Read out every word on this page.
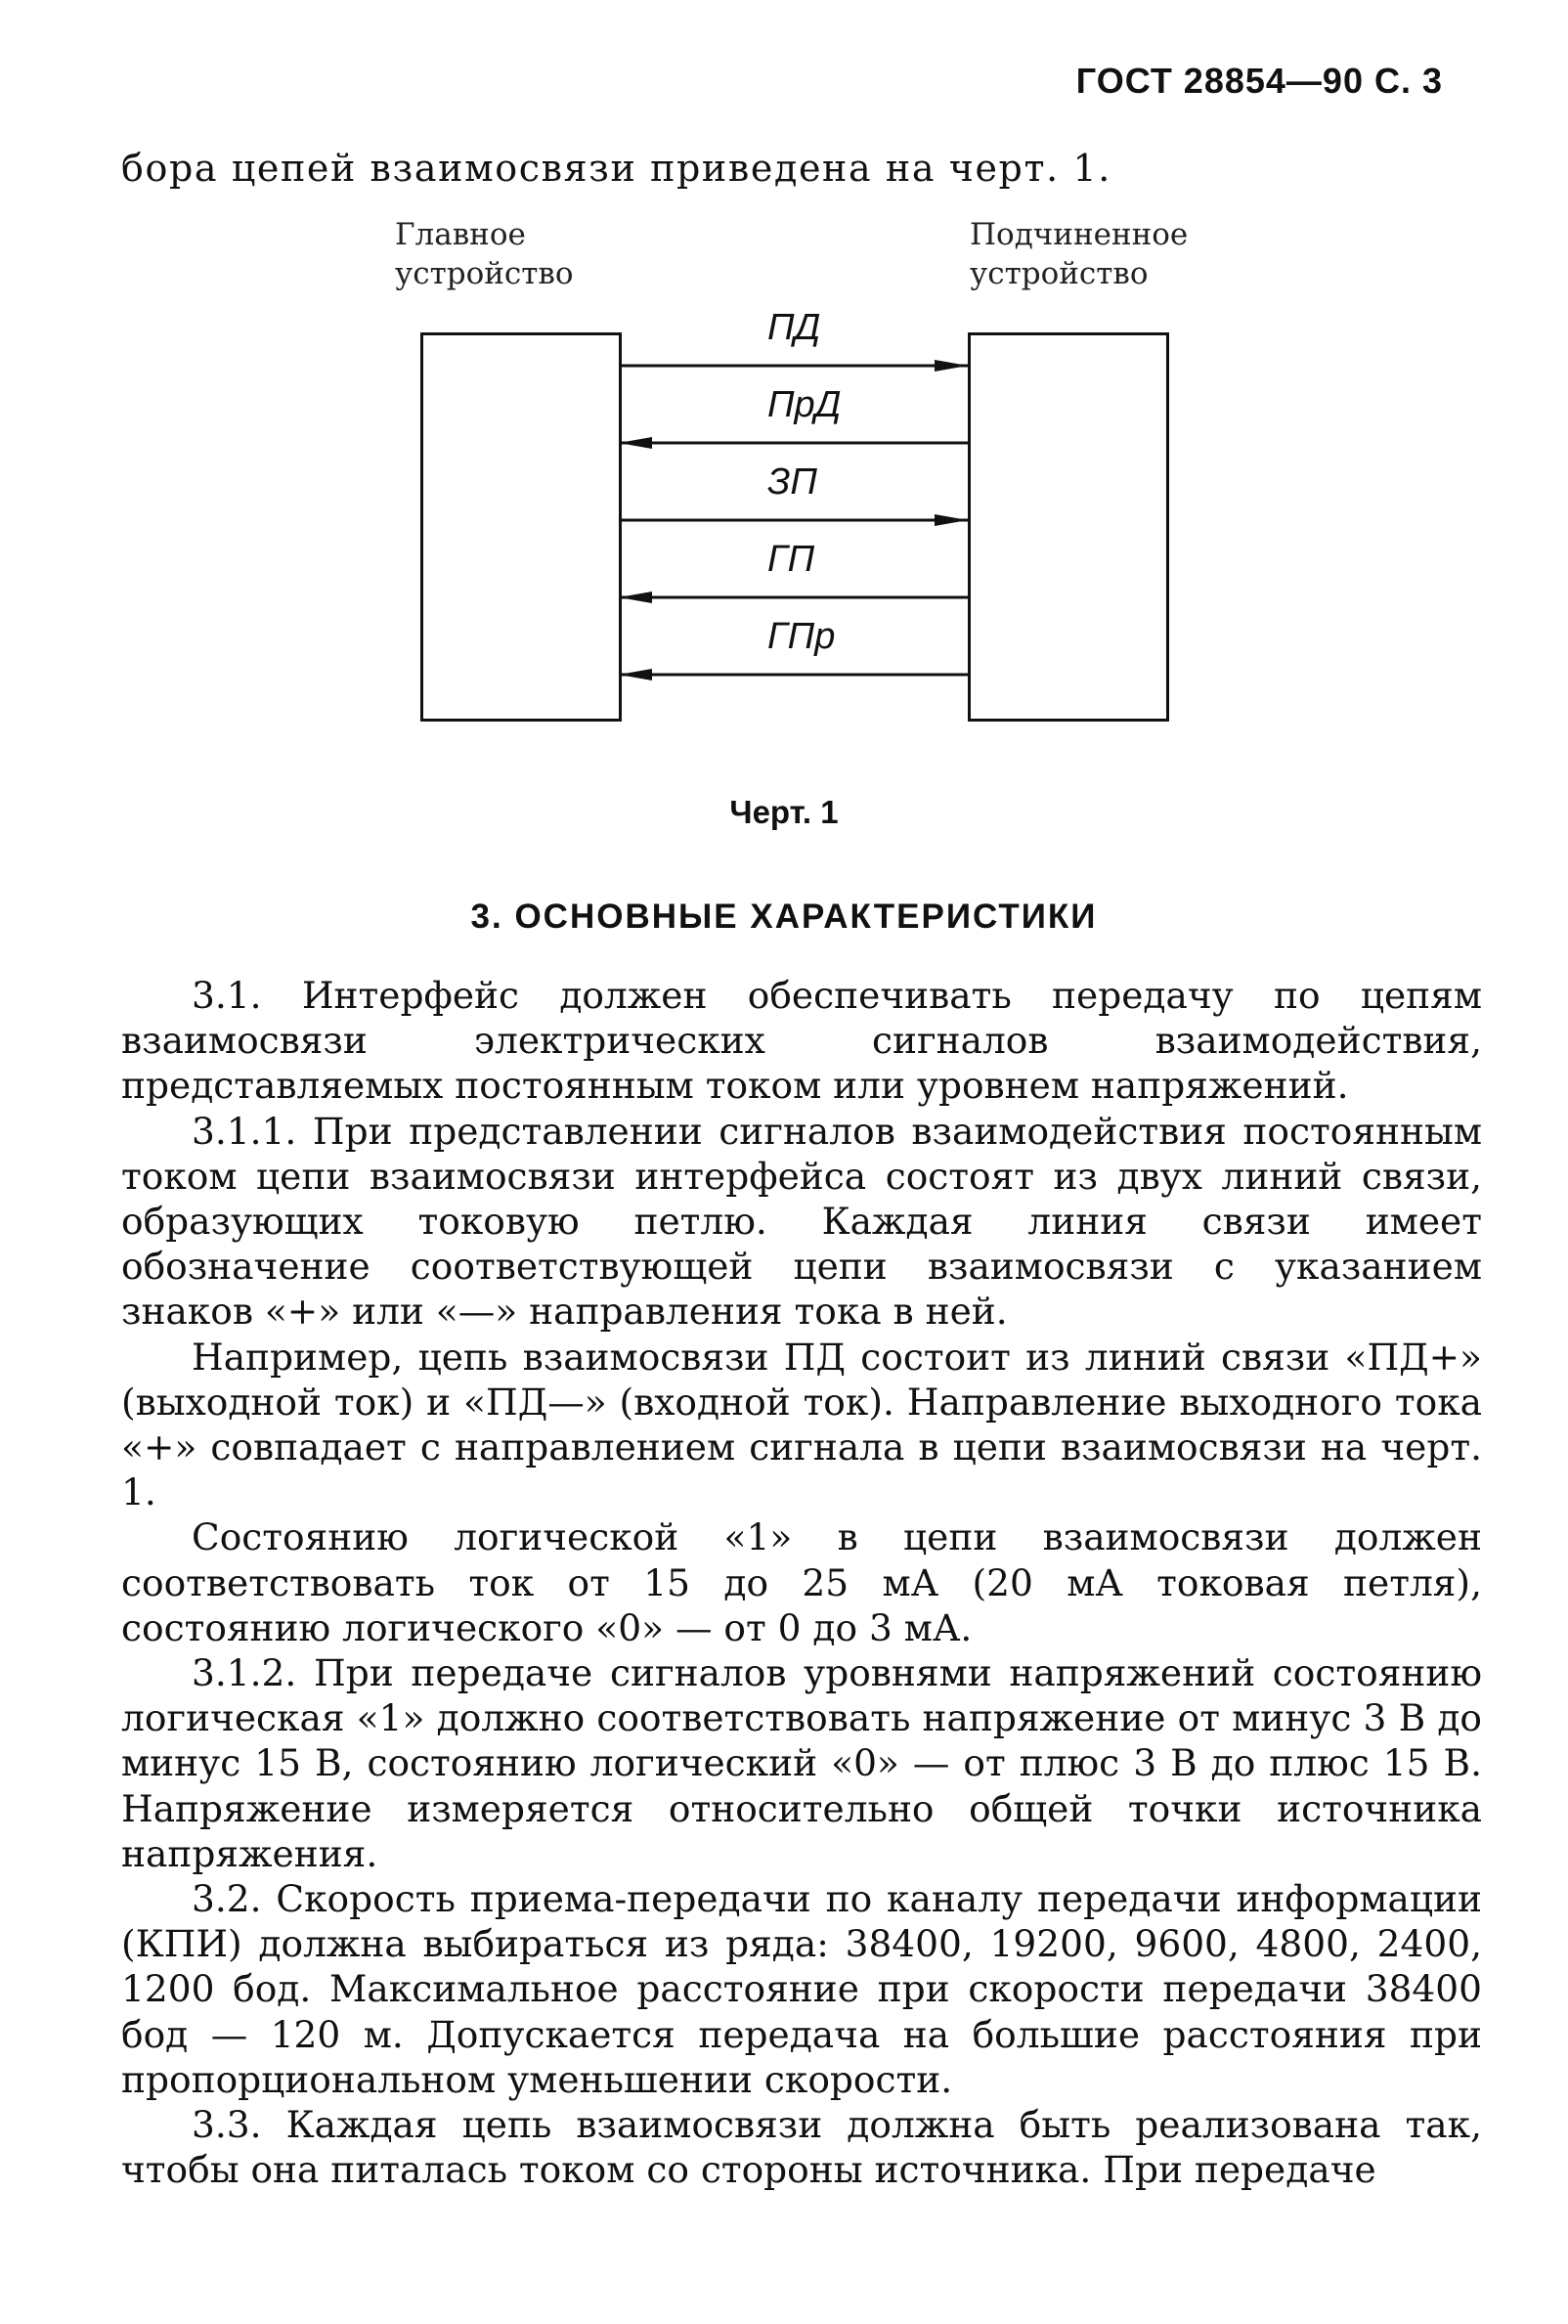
ГОСТ 28854—90 С. 3
бора цепей взаимосвязи приведена на черт. 1.
Главное
устройство
Подчиненное
устройство
ПД
ПрД
ЗП
ГП
ГПр
Черт. 1
3. ОСНОВНЫЕ ХАРАКТЕРИСТИКИ

3.1. Интерфейс должен обеспечивать передачу по цепям взаимосвязи электрических сигналов взаимодействия, представляемых постоянным током или уровнем напряжений.

3.1.1. При представлении сигналов взаимодействия постоянным током цепи взаимосвязи интерфейса состоят из двух линий связи, образующих токовую петлю. Каждая линия связи имеет обозначение соответствующей цепи взаимосвязи с указанием знаков «+» или «—» направления тока в ней.

Например, цепь взаимосвязи ПД состоит из линий связи «ПД+» (выходной ток) и «ПД—» (входной ток). Направление выходного тока «+» совпадает с направлением сигнала в цепи взаимосвязи на черт. 1.

Состоянию логической «1» в цепи взаимосвязи должен соответствовать ток от 15 до 25 мА (20 мА токовая петля), состоянию логического «0» — от 0 до 3 мА.

3.1.2. При передаче сигналов уровнями напряжений состоянию логическая «1» должно соответствовать напряжение от минус 3 В до минус 15 В, состоянию логический «0» — от плюс 3 В до плюс 15 В. Напряжение измеряется относительно общей точки источника напряжения.

3.2. Скорость приема-передачи по каналу передачи информации (КПИ) должна выбираться из ряда: 38400, 19200, 9600, 4800, 2400, 1200 бод. Максимальное расстояние при скорости передачи 38400 бод — 120 м. Допускается передача на большие расстояния при пропорциональном уменьшении скорости.

3.3. Каждая цепь взаимосвязи должна быть реализована так, чтобы она питалась током со стороны источника. При передаче
